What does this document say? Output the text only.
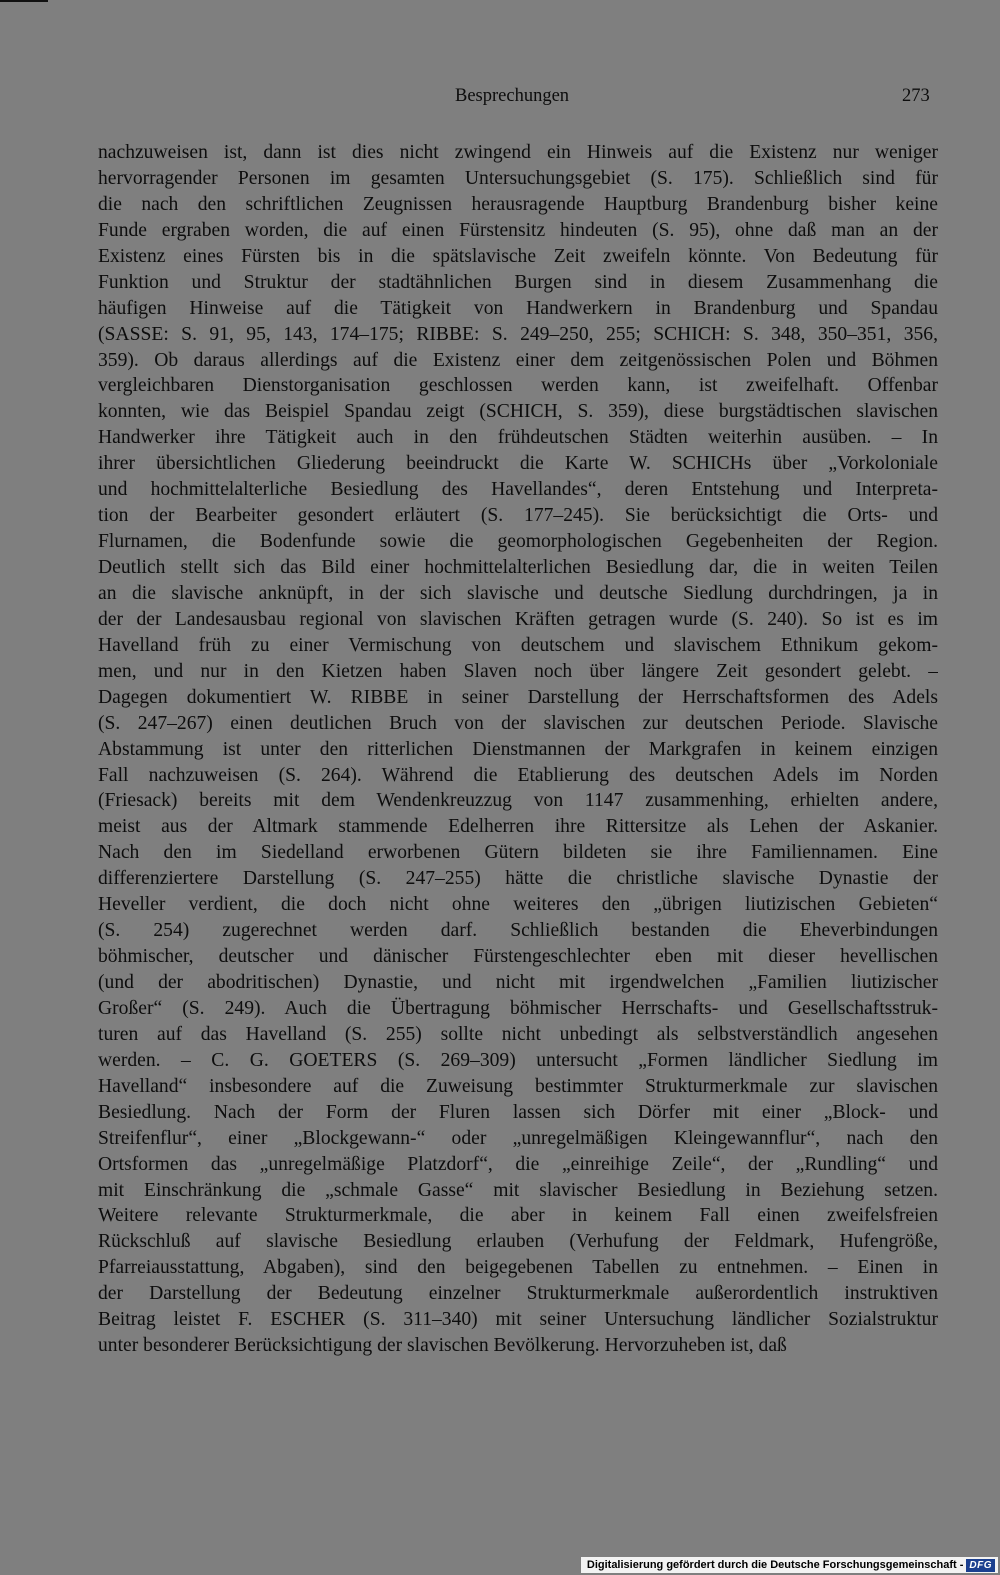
Besprechungen	273
nachzuweisen ist, dann ist dies nicht zwingend ein Hinweis auf die Existenz nur weniger
hervorragender Personen im gesamten Untersuchungsgebiet (S. 175). Schließlich sind für
die nach den schriftlichen Zeugnissen herausragende Hauptburg Brandenburg bisher keine
Funde ergraben worden, die auf einen Fürstensitz hindeuten (S. 95), ohne daß man an der
Existenz eines Fürsten bis in die spätslavische Zeit zweifeln könnte. Von Bedeutung für
Funktion und Struktur der stadtähnlichen Burgen sind in diesem Zusammenhang die
häufigen Hinweise auf die Tätigkeit von Handwerkern in Brandenburg und Spandau
(SASSE: S. 91, 95, 143, 174–175; RIBBE: S. 249–250, 255; SCHICH: S. 348, 350–351, 356,
359). Ob daraus allerdings auf die Existenz einer dem zeitgenössischen Polen und Böhmen
vergleichbaren Dienstorganisation geschlossen werden kann, ist zweifelhaft. Offenbar
konnten, wie das Beispiel Spandau zeigt (SCHICH, S. 359), diese burgstädtischen slavischen
Handwerker ihre Tätigkeit auch in den frühdeutschen Städten weiterhin ausüben. – In
ihrer übersichtlichen Gliederung beeindruckt die Karte W. SCHICHs über „Vorkoloniale
und hochmittelalterliche Besiedlung des Havellandes“, deren Entstehung und Interpreta-
tion der Bearbeiter gesondert erläutert (S. 177–245). Sie berücksichtigt die Orts- und
Flurnamen, die Bodenfunde sowie die geomorphologischen Gegebenheiten der Region.
Deutlich stellt sich das Bild einer hochmittelalterlichen Besiedlung dar, die in weiten Teilen
an die slavische anknüpft, in der sich slavische und deutsche Siedlung durchdringen, ja in
der der Landesausbau regional von slavischen Kräften getragen wurde (S. 240). So ist es im
Havelland früh zu einer Vermischung von deutschem und slavischem Ethnikum gekom-
men, und nur in den Kietzen haben Slaven noch über längere Zeit gesondert gelebt. –
Dagegen dokumentiert W. RIBBE in seiner Darstellung der Herrschaftsformen des Adels
(S. 247–267) einen deutlichen Bruch von der slavischen zur deutschen Periode. Slavische
Abstammung ist unter den ritterlichen Dienstmannen der Markgrafen in keinem einzigen
Fall nachzuweisen (S. 264). Während die Etablierung des deutschen Adels im Norden
(Friesack) bereits mit dem Wendenkreuzzug von 1147 zusammenhing, erhielten andere,
meist aus der Altmark stammende Edelherren ihre Rittersitze als Lehen der Askanier.
Nach den im Siedelland erworbenen Gütern bildeten sie ihre Familiennamen. Eine
differenziertere Darstellung (S. 247–255) hätte die christliche slavische Dynastie der
Heveller verdient, die doch nicht ohne weiteres den „übrigen liutizischen Gebieten“
(S. 254) zugerechnet werden darf. Schließlich bestanden die Eheverbindungen
böhmischer, deutscher und dänischer Fürstengeschlechter eben mit dieser hevellischen
(und der abodritischen) Dynastie, und nicht mit irgendwelchen „Familien liutizischer
Großer“ (S. 249). Auch die Übertragung böhmischer Herrschafts- und Gesellschaftsstruk-
turen auf das Havelland (S. 255) sollte nicht unbedingt als selbstverständlich angesehen
werden. – C. G. GOETERS (S. 269–309) untersucht „Formen ländlicher Siedlung im
Havelland“ insbesondere auf die Zuweisung bestimmter Strukturmerkmale zur slavischen
Besiedlung. Nach der Form der Fluren lassen sich Dörfer mit einer „Block- und
Streifenflur“, einer „Blockgewann-“ oder „unregelmäßigen Kleingewannflur“, nach den
Ortsformen das „unregelmäßige Platzdorf“, die „einreihige Zeile“, der „Rundling“ und
mit Einschränkung die „schmale Gasse“ mit slavischer Besiedlung in Beziehung setzen.
Weitere relevante Strukturmerkmale, die aber in keinem Fall einen zweifelsfreien
Rückschluß auf slavische Besiedlung erlauben (Verhufung der Feldmark, Hufengröße,
Pfarreiausstattung, Abgaben), sind den beigegebenen Tabellen zu entnehmen. – Einen in
der Darstellung der Bedeutung einzelner Strukturmerkmale außerordentlich instruktiven
Beitrag leistet F. ESCHER (S. 311–340) mit seiner Untersuchung ländlicher Sozialstruktur
unter besonderer Berücksichtigung der slavischen Bevölkerung. Hervorzuheben ist, daß
Digitalisierung gefördert durch die Deutsche Forschungsgemeinschaft - DFG
